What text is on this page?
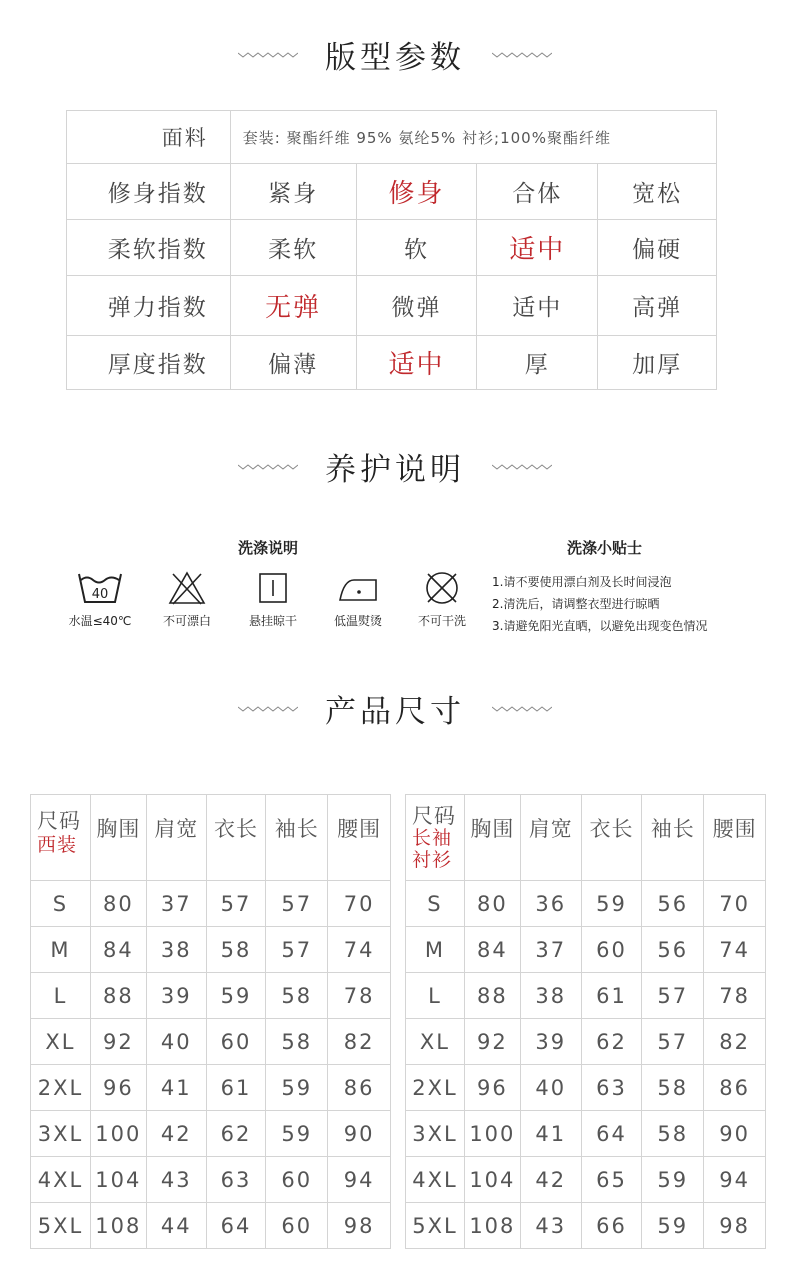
版型参数
面料	套装: 聚酯纤维 95% 氨纶5% 衬衫;100%聚酯纤维			
修身指数	紧身	修身	合体	宽松
柔软指数	柔软	软	适中	偏硬
弹力指数	无弹	微弹	适中	高弹
厚度指数	偏薄	适中	厚	加厚
养护说明
洗涤说明	洗涤小贴士
40
水温≤40℃	不可漂白	悬挂晾干	低温熨烫	不可干洗
1.请不要使用漂白剂及长时间浸泡
2.清洗后，请调整衣型进行晾晒
3.请避免阳光直晒，以避免出现变色情况
产品尺寸
尺码
西装	胸围	肩宽	衣长	袖长	腰围
S	80	37	57	57	70
M	84	38	58	57	74
L	88	39	59	58	78
XL	92	40	60	58	82
2XL	96	41	61	59	86
3XL	100	42	62	59	90
4XL	104	43	63	60	94
5XL	108	44	64	60	98
尺码
长袖
衬衫	胸围	肩宽	衣长	袖长	腰围
S	80	36	59	56	70
M	84	37	60	56	74
L	88	38	61	57	78
XL	92	39	62	57	82
2XL	96	40	63	58	86
3XL	100	41	64	58	90
4XL	104	42	65	59	94
5XL	108	43	66	59	98
